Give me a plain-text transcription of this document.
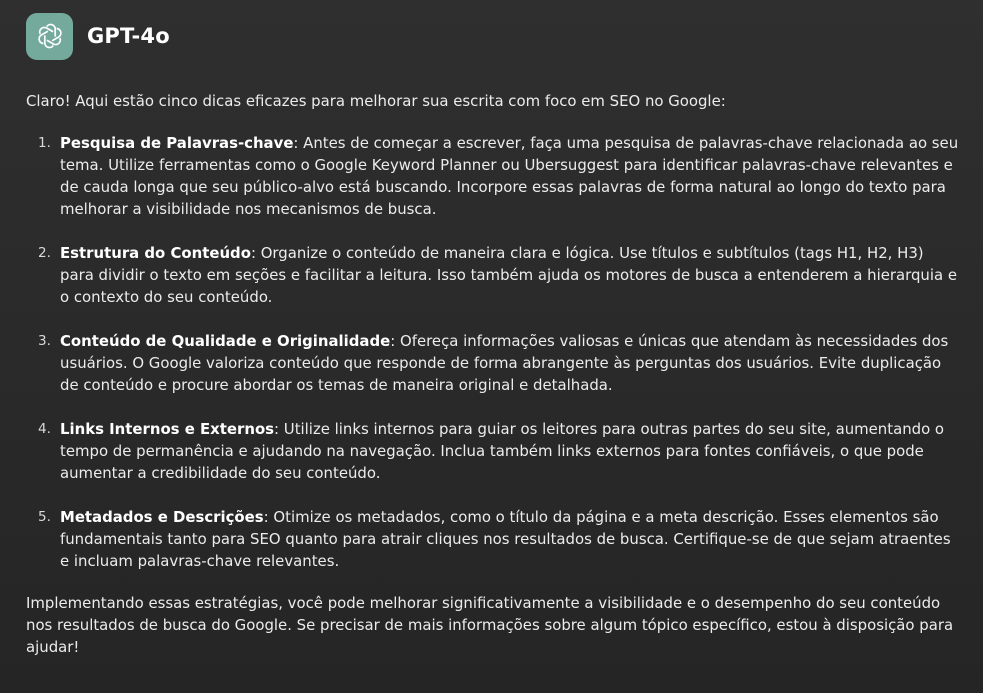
GPT-4o
Claro! Aqui estão cinco dicas eficazes para melhorar sua escrita com foco em SEO no Google:
1. Pesquisa de Palavras-chave: Antes de começar a escrever, faça uma pesquisa de palavras-chave relacionada ao seu tema. Utilize ferramentas como o Google Keyword Planner ou Ubersuggest para identificar palavras-chave relevantes e de cauda longa que seu público-alvo está buscando. Incorpore essas palavras de forma natural ao longo do texto para melhorar a visibilidade nos mecanismos de busca.
2. Estrutura do Conteúdo: Organize o conteúdo de maneira clara e lógica. Use títulos e subtítulos (tags H1, H2, H3) para dividir o texto em seções e facilitar a leitura. Isso também ajuda os motores de busca a entenderem a hierarquia e o contexto do seu conteúdo.
3. Conteúdo de Qualidade e Originalidade: Ofereça informações valiosas e únicas que atendam às necessidades dos usuários. O Google valoriza conteúdo que responde de forma abrangente às perguntas dos usuários. Evite duplicação de conteúdo e procure abordar os temas de maneira original e detalhada.
4. Links Internos e Externos: Utilize links internos para guiar os leitores para outras partes do seu site, aumentando o tempo de permanência e ajudando na navegação. Inclua também links externos para fontes confiáveis, o que pode aumentar a credibilidade do seu conteúdo.
5. Metadados e Descrições: Otimize os metadados, como o título da página e a meta descrição. Esses elementos são fundamentais tanto para SEO quanto para atrair cliques nos resultados de busca. Certifique-se de que sejam atraentes e incluam palavras-chave relevantes.
Implementando essas estratégias, você pode melhorar significativamente a visibilidade e o desempenho do seu conteúdo nos resultados de busca do Google. Se precisar de mais informações sobre algum tópico específico, estou à disposição para ajudar!
